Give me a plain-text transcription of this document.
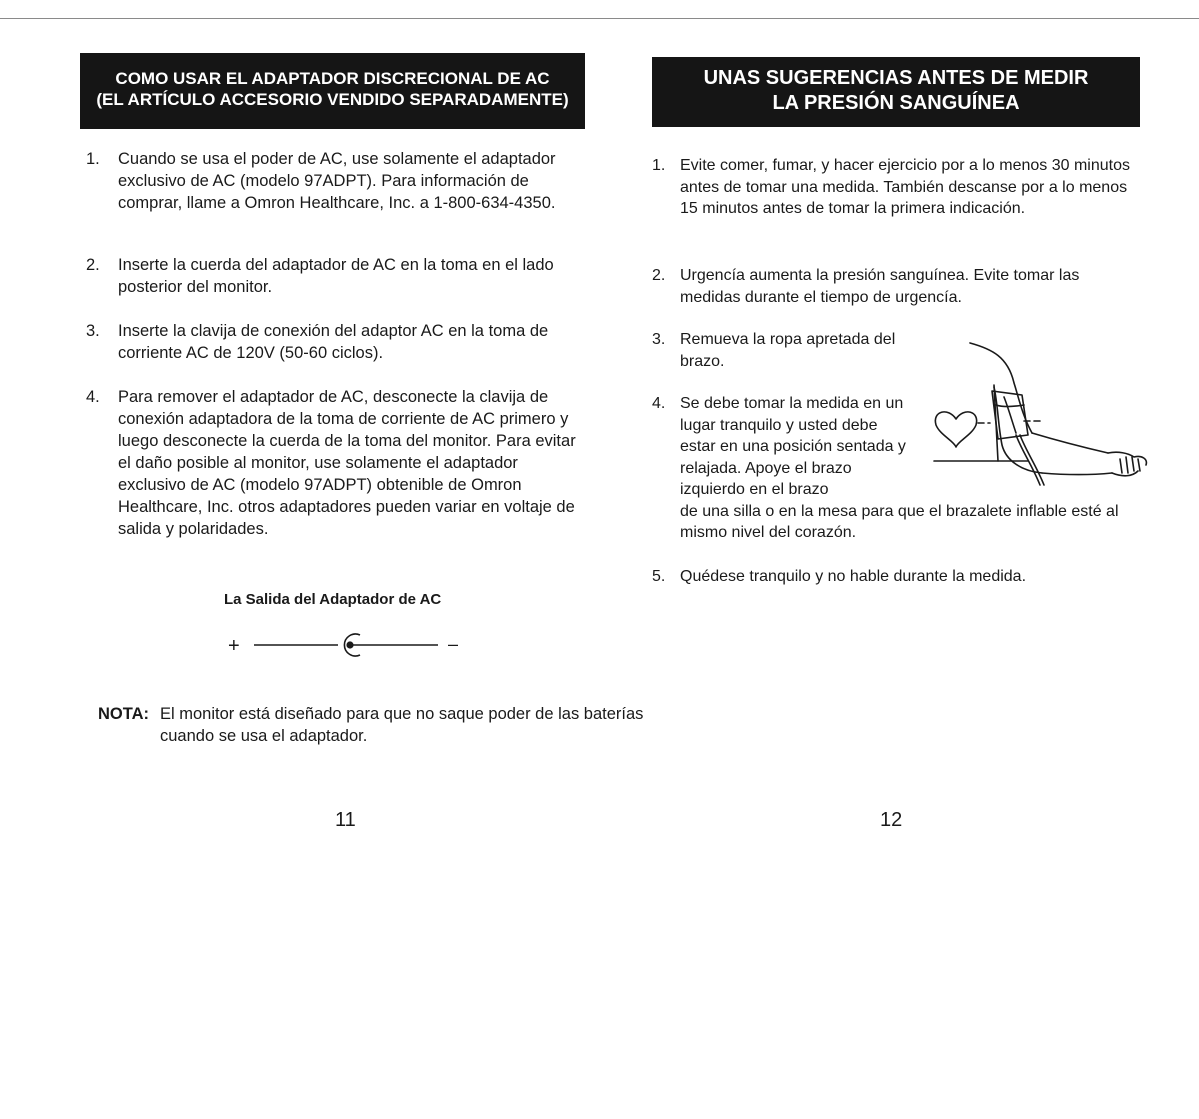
COMO USAR EL ADAPTADOR DISCRECIONAL DE AC
(EL ARTÍCULO ACCESORIO VENDIDO SEPARADAMENTE)
1. Cuando se usa el poder de AC, use solamente el adaptador exclusivo de AC (modelo 97ADPT). Para información de comprar, llame a Omron Healthcare, Inc. a 1-800-634-4350.
2. Inserte la cuerda del adaptador de AC en la toma en el lado posterior del monitor.
3. Inserte la clavija de conexión del adaptor AC en la toma de corriente AC de 120V (50-60 ciclos).
4. Para remover el adaptador de AC, desconecte la clavija de conexión adaptadora de la toma de corriente de AC primero y luego desconecte la cuerda de la toma del monitor. Para evitar el daño posible al monitor, use solamente el adaptador exclusivo de AC (modelo 97ADPT) obtenible de Omron Healthcare, Inc. otros adaptadores pueden variar en voltaje de salida y polaridades.
La Salida del Adaptador de AC
+	–
NOTA: El monitor está diseñado para que no saque poder de las baterías cuando se usa el adaptador.
11
UNAS SUGERENCIAS ANTES DE MEDIR
LA PRESIÓN SANGUÍNEA
1. Evite comer, fumar, y hacer ejercicio por a lo menos 30 minutos antes de tomar una medida. También descanse por a lo menos 15 minutos antes de tomar la primera indicación.
2. Urgencía aumenta la presión sanguínea. Evite tomar las medidas durante el tiempo de urgencía.
3. Remueva la ropa apretada del brazo.
4. Se debe tomar la medida en un lugar tranquilo y usted debe estar en una posición sentada y relajada. Apoye el brazo izquierdo en el brazo
de una silla o en la mesa para que el brazalete inflable esté al mismo nivel del corazón.
5. Quédese tranquilo y no hable durante la medida.
12
